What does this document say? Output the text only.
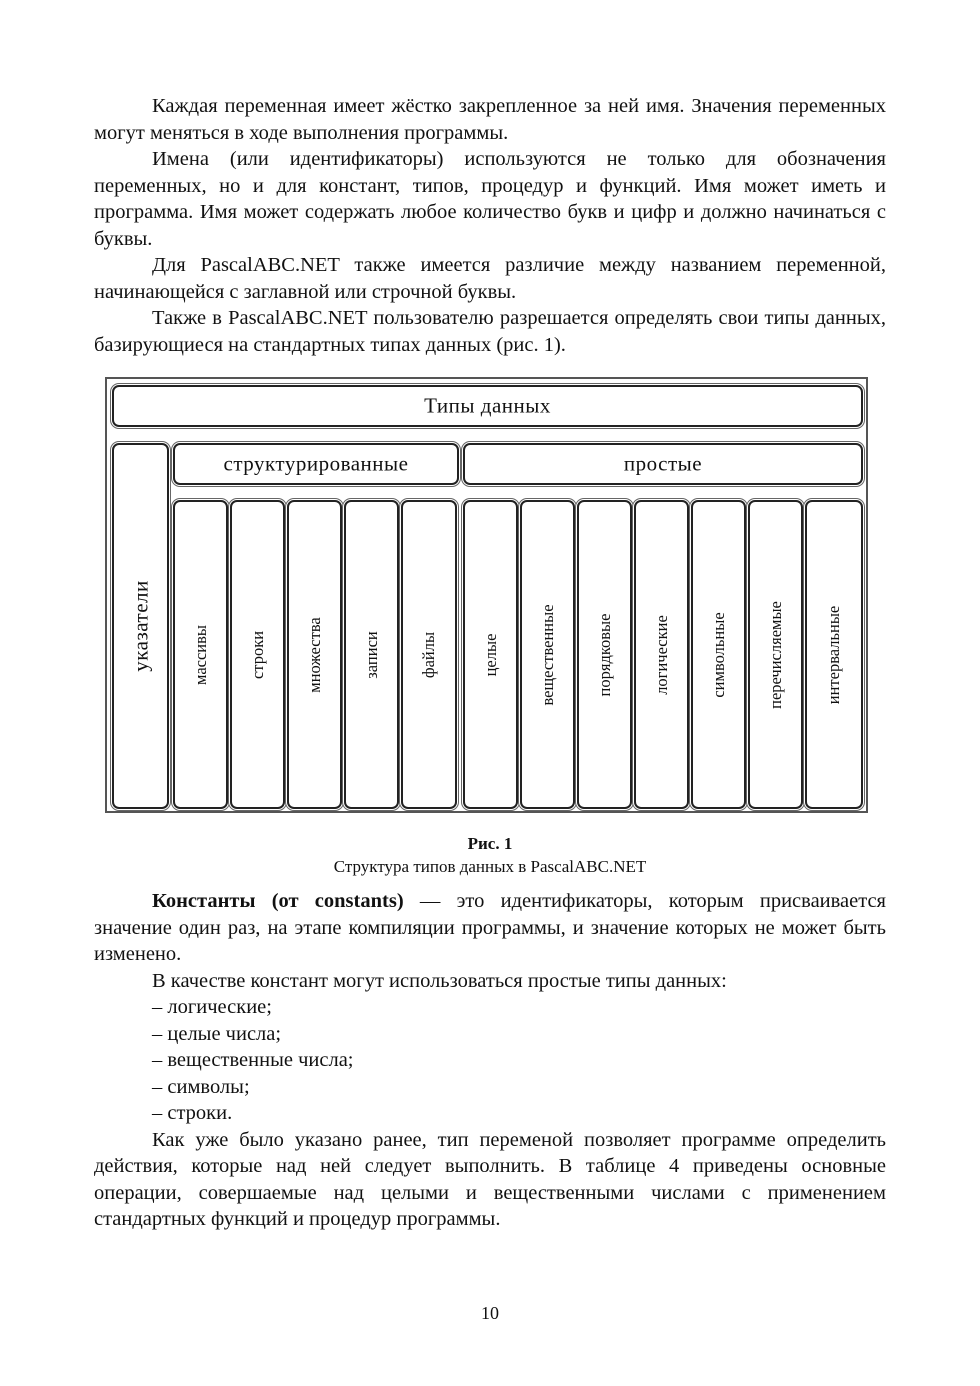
Каждая переменная имеет жёстко закрепленное за ней имя. Значения переменных могут меняться в ходе выполнения программы.

Имена (или идентификаторы) используются не только для обозначения переменных, но и для констант, типов, процедур и функций. Имя может иметь и программа. Имя может содержать любое количество букв и цифр и должно начинаться с буквы.

Для PascalABC.NET также имеется различие между названием переменной, начинающейся с заглавной или строчной буквы.

Также в PascalABC.NET пользователю разрешается определять свои типы данных, базирующиеся на стандартных типах данных (рис. 1).

Типы данных
указатели
структурированные	простые
массивы строки множества записи файлы	целые вещественные порядковые логические символьные перечисляемые интервальные
Рис. 1
Структура типов данных в PascalABC.NET

Константы (от constants) — это идентификаторы, которым присваивается значение один раз, на этапе компиляции программы, и значение которых не может быть изменено.

В качестве констант могут использоваться простые типы данных:

– логические;

– целые числа;

– вещественные числа;

– символы;

– строки.

Как уже было указано ранее, тип переменой позволяет программе определить действия, которые над ней следует выполнить. В таблице 4 приведены основные операции, совершаемые над целыми и вещественными числами с применением стандартных функций и процедур программы.

10
